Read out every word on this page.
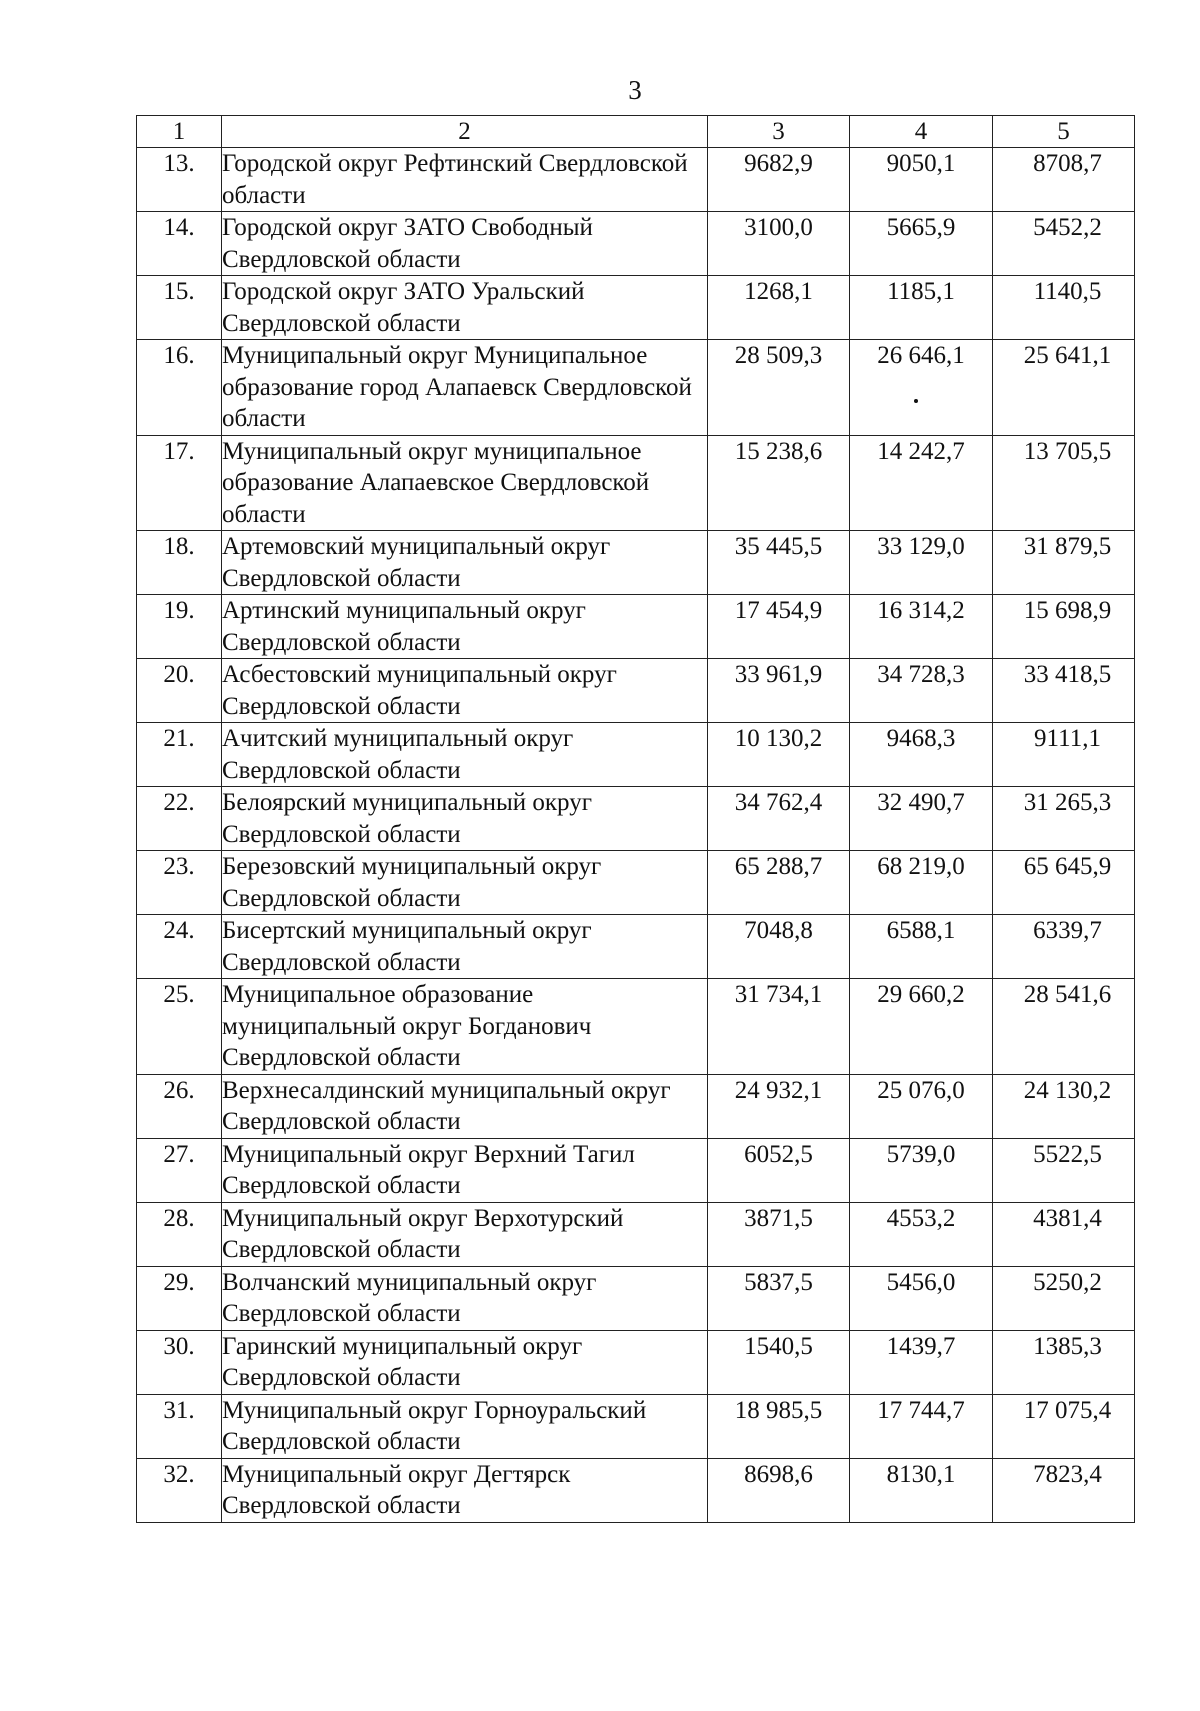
3
1	2	3	4	5
13.	Городской округ Рефтинский Свердловской области	9682,9	9050,1	8708,7
14.	Городской округ ЗАТО Свободный Свердловской области	3100,0	5665,9	5452,2
15.	Городской округ ЗАТО Уральский Свердловской области	1268,1	1185,1	1140,5
16.	Муниципальный округ Муниципальное образование город Алапаевск Свердловской области	28 509,3	26 646,1	25 641,1
17.	Муниципальный округ муниципальное образование Алапаевское Свердловской области	15 238,6	14 242,7	13 705,5
18.	Артемовский муниципальный округ Свердловской области	35 445,5	33 129,0	31 879,5
19.	Артинский муниципальный округ Свердловской области	17 454,9	16 314,2	15 698,9
20.	Асбестовский муниципальный округ Свердловской области	33 961,9	34 728,3	33 418,5
21.	Ачитский муниципальный округ Свердловской области	10 130,2	9468,3	9111,1
22.	Белоярский муниципальный округ Свердловской области	34 762,4	32 490,7	31 265,3
23.	Березовский муниципальный округ Свердловской области	65 288,7	68 219,0	65 645,9
24.	Бисертский муниципальный округ Свердловской области	7048,8	6588,1	6339,7
25.	Муниципальное образование муниципальный округ Богданович Свердловской области	31 734,1	29 660,2	28 541,6
26.	Верхнесалдинский муниципальный округ Свердловской области	24 932,1	25 076,0	24 130,2
27.	Муниципальный округ Верхний Тагил Свердловской области	6052,5	5739,0	5522,5
28.	Муниципальный округ Верхотурский Свердловской области	3871,5	4553,2	4381,4
29.	Волчанский муниципальный округ Свердловской области	5837,5	5456,0	5250,2
30.	Гаринский муниципальный округ Свердловской области	1540,5	1439,7	1385,3
31.	Муниципальный округ Горноуральский Свердловской области	18 985,5	17 744,7	17 075,4
32.	Муниципальный округ Дегтярск Свердловской области	8698,6	8130,1	7823,4
